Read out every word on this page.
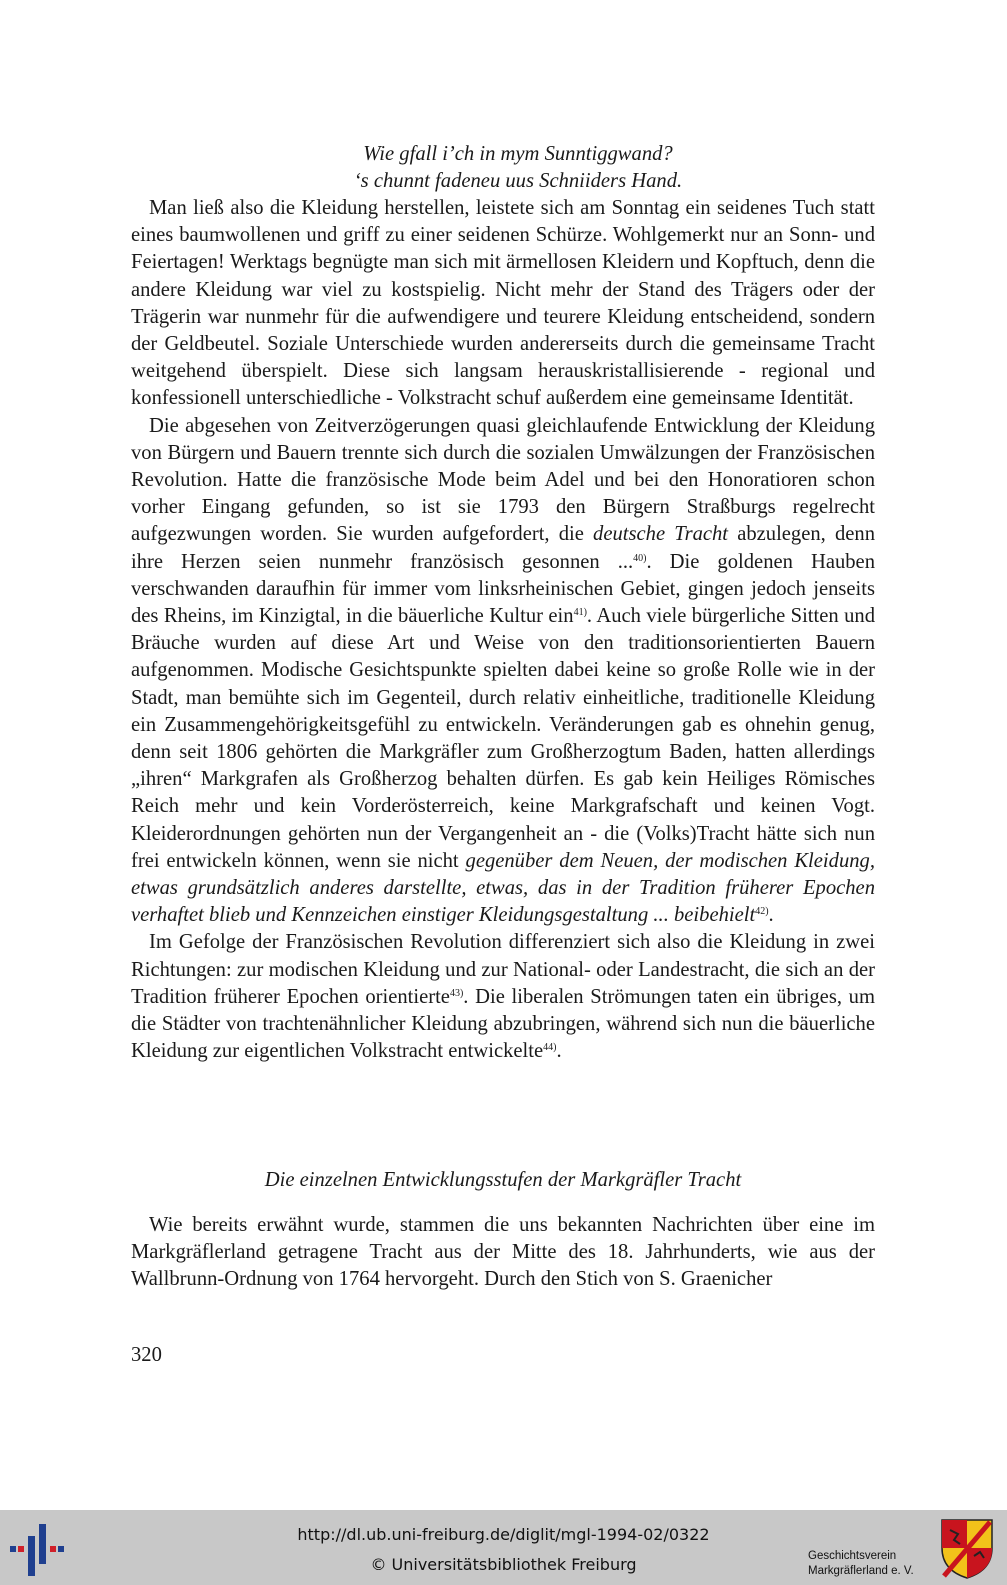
Wie gfall i’ch in mym Sunntiggwand?
‘s chunnt fadeneu uus Schniiders Hand.

Man ließ also die Kleidung herstellen, leistete sich am Sonntag ein seidenes Tuch statt eines baumwollenen und griff zu einer seidenen Schürze. Wohlgemerkt nur an Sonn- und Feiertagen! Werktags begnügte man sich mit ärmellosen Kleidern und Kopftuch, denn die andere Kleidung war viel zu kostspielig. Nicht mehr der Stand des Trägers oder der Trägerin war nunmehr für die aufwendigere und teurere Kleidung entscheidend, sondern der Geldbeutel. Soziale Unterschiede wurden andererseits durch die gemeinsame Tracht weitgehend überspielt. Diese sich langsam herauskristallisierende - regional und konfessionell unterschiedliche - Volkstracht schuf außerdem eine gemeinsame Identität.

Die abgesehen von Zeitverzögerungen quasi gleichlaufende Entwicklung der Kleidung von Bürgern und Bauern trennte sich durch die sozialen Umwälzungen der Französischen Revolution. Hatte die französische Mode beim Adel und bei den Honoratioren schon vorher Eingang gefunden, so ist sie 1793 den Bürgern Straßburgs regelrecht aufgezwungen worden. Sie wurden aufgefordert, die deutsche Tracht abzulegen, denn ihre Herzen seien nunmehr französisch gesonnen ...$^{40)}$. Die goldenen Hauben verschwanden daraufhin für immer vom linksrheinischen Gebiet, gingen jedoch jenseits des Rheins, im Kinzigtal, in die bäuerliche Kultur ein$^{41)}$. Auch viele bürgerliche Sitten und Bräuche wurden auf diese Art und Weise von den traditionsorientierten Bauern aufgenommen. Modische Gesichtspunkte spielten dabei keine so große Rolle wie in der Stadt, man bemühte sich im Gegenteil, durch relativ einheitliche, traditionelle Kleidung ein Zusammengehörigkeitsgefühl zu entwickeln. Veränderungen gab es ohnehin genug, denn seit 1806 gehörten die Markgräfler zum Großherzogtum Baden, hatten allerdings „ihren“ Markgrafen als Großherzog behalten dürfen. Es gab kein Heiliges Römisches Reich mehr und kein Vorderösterreich, keine Markgrafschaft und keinen Vogt. Kleiderordnungen gehörten nun der Vergangenheit an - die (Volks)Tracht hätte sich nun frei entwickeln können, wenn sie nicht gegenüber dem Neuen, der modischen Kleidung, etwas grundsätzlich anderes darstellte, etwas, das in der Tradition früherer Epochen verhaftet blieb und Kennzeichen einstiger Kleidungsgestaltung ... beibehielt$^{42)}$.

Im Gefolge der Französischen Revolution differenziert sich also die Kleidung in zwei Richtungen: zur modischen Kleidung und zur National- oder Landestracht, die sich an der Tradition früherer Epochen orientierte$^{43)}$. Die liberalen Strömungen taten ein übriges, um die Städter von trachtenähnlicher Kleidung abzubringen, während sich nun die bäuerliche Kleidung zur eigentlichen Volkstracht entwickelte$^{44)}$.

Die einzelnen Entwicklungsstufen der Markgräfler Tracht

Wie bereits erwähnt wurde, stammen die uns bekannten Nachrichten über eine im Markgräflerland getragene Tracht aus der Mitte des 18. Jahrhunderts, wie aus der Wallbrunn-Ordnung von 1764 hervorgeht. Durch den Stich von S. Graenicher

320
http://dl.ub.uni-freiburg.de/diglit/mgl-1994-02/0322
© Universitätsbibliothek Freiburg	Geschichtsverein
Markgräflerland e. V.
